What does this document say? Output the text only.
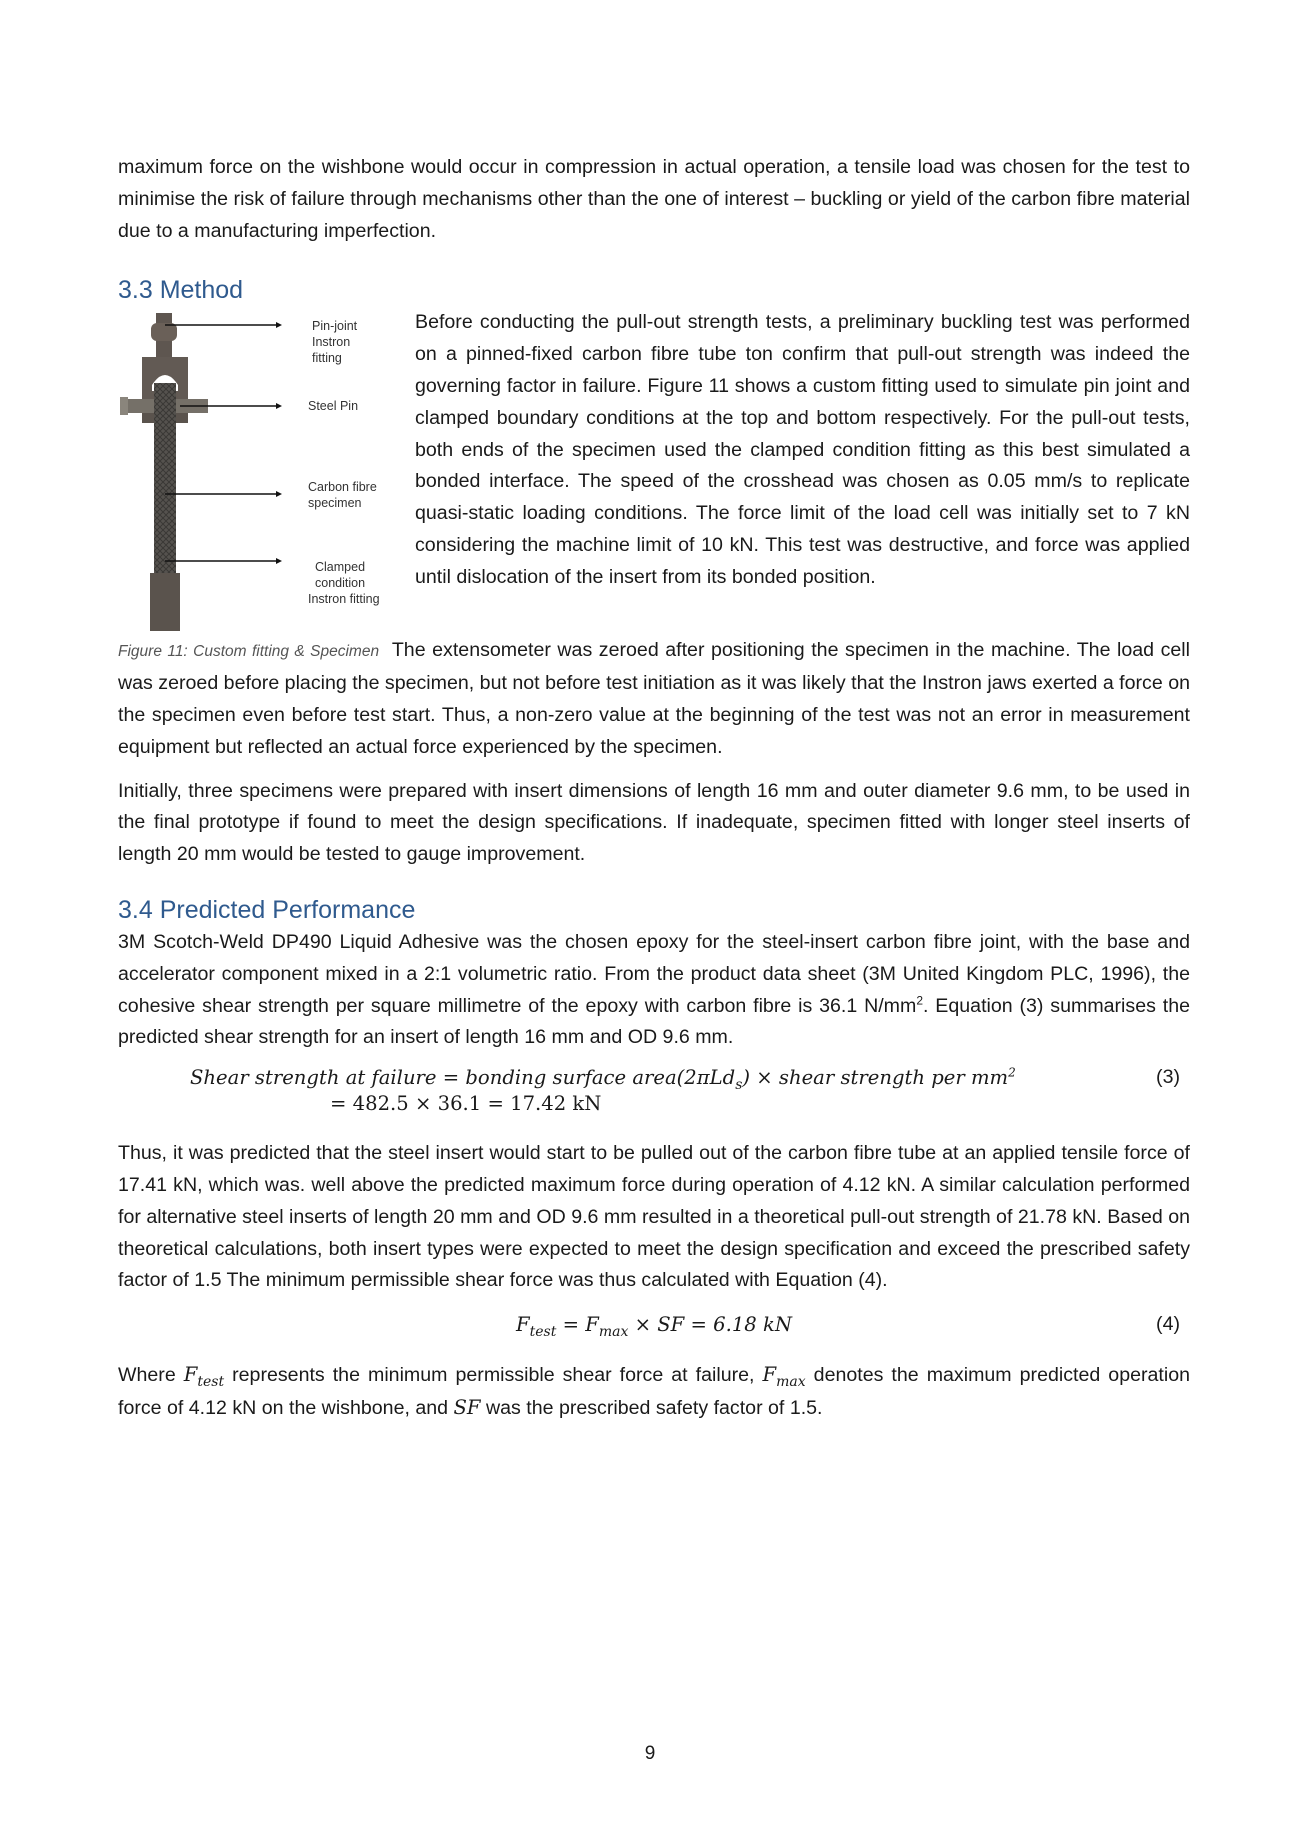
maximum force on the wishbone would occur in compression in actual operation, a tensile load was chosen for the test to minimise the risk of failure through mechanisms other than the one of interest – buckling or yield of the carbon fibre material due to a manufacturing imperfection.

3.3 Method
Pin-joint
Instron
fitting
Steel Pin
Carbon fibre
specimen
Clamped
condition
Instron fitting

Before conducting the pull-out strength tests, a preliminary buckling test was performed on a pinned-fixed carbon fibre tube ton confirm that pull-out strength was indeed the governing factor in failure. Figure 11 shows a custom fitting used to simulate pin joint and clamped boundary conditions at the top and bottom respectively. For the pull-out tests, both ends of the specimen used the clamped condition fitting as this best simulated a bonded interface. The speed of the crosshead was chosen as 0.05 mm/s to replicate quasi-static loading conditions. The force limit of the load cell was initially set to 7 kN considering the machine limit of 10 kN. This test was destructive, and force was applied until dislocation of the insert from its bonded position.

Figure 11: Custom fitting & Specimen The extensometer was zeroed after positioning the specimen in the machine. The load cell was zeroed before placing the specimen, but not before test initiation as it was likely that the Instron jaws exerted a force on the specimen even before test start. Thus, a non-zero value at the beginning of the test was not an error in measurement equipment but reflected an actual force experienced by the specimen.

Initially, three specimens were prepared with insert dimensions of length 16 mm and outer diameter 9.6 mm, to be used in the final prototype if found to meet the design specifications. If inadequate, specimen fitted with longer steel inserts of length 20 mm would be tested to gauge improvement.

3.4 Predicted Performance

3M Scotch-Weld DP490 Liquid Adhesive was the chosen epoxy for the steel-insert carbon fibre joint, with the base and accelerator component mixed in a 2:1 volumetric ratio. From the product data sheet (3M United Kingdom PLC, 1996), the cohesive shear strength per square millimetre of the epoxy with carbon fibre is 36.1 $N/mm^2$. Equation (3) summarises the predicted shear strength for an insert of length 16 mm and OD 9.6 mm.

Shear strength at failure = bonding surface area(2πLd$_s$) × shear strength per $mm^2$	(3)
= 482.5 × 36.1 = 17.42 kN

Thus, it was predicted that the steel insert would start to be pulled out of the carbon fibre tube at an applied tensile force of 17.41 kN, which was. well above the predicted maximum force during operation of 4.12 kN. A similar calculation performed for alternative steel inserts of length 20 mm and OD 9.6 mm resulted in a theoretical pull-out strength of 21.78 kN. Based on theoretical calculations, both insert types were expected to meet the design specification and exceed the prescribed safety factor of 1.5 The minimum permissible shear force was thus calculated with Equation (4).

$F_{test} = F_{max}$ × SF = 6.18 kN	(4)

Where $F_{test}$ represents the minimum permissible shear force at failure, $F_{max}$ denotes the maximum predicted operation force of 4.12 kN on the wishbone, and SF was the prescribed safety factor of 1.5.

9
